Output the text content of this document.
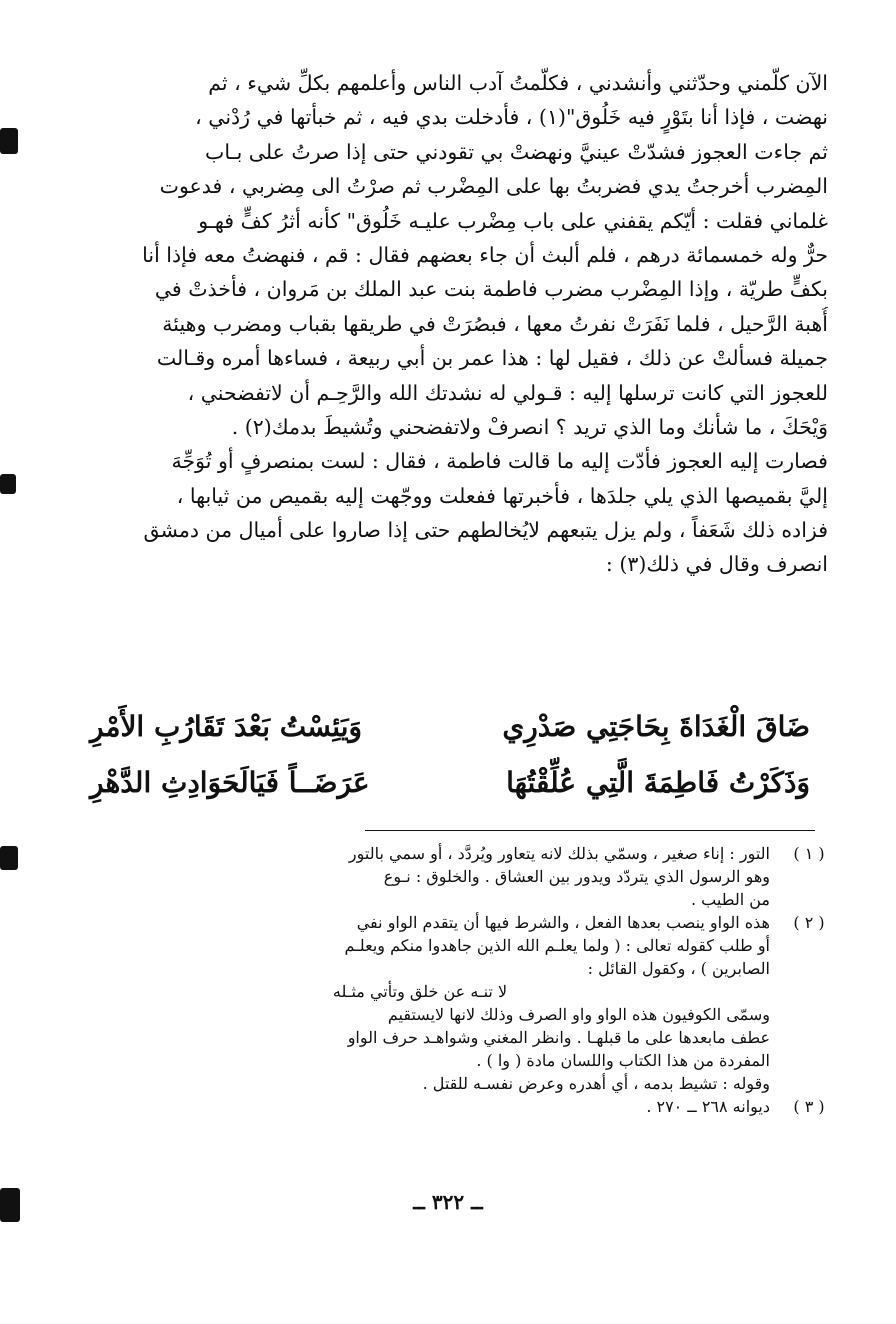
الآن كلّمني وحدّثني وأنشدني ، فكلّمتُ آدب الناس وأعلمهم بكلِّ شيء ، ثم
نهضت ، فإذا أنا بتَوْرٍ فيه خَلُوق"(١) ، فأدخلت بدي فيه ، ثم خبأتها في رُدْني ،
ثم جاءت العجوز فشدّتْ عينيَّ ونهضتْ بي تقودني حتى إذا صرتُ على بـاب
المِضرب أخرجتُ يدي فضربتُ بها على المِضْرب ثم صرْتُ الى مِضربي ، فدعوت
غلماني فقلت : أيّكم يقفني على باب مِضْرب عليـه خَلُوق" كأنه أثرُ كفٍّ فهـو
حرٌّ وله خمسمائة درهم ، فلم ألبث أن جاء بعضهم فقال : قم ، فنهضتُ معه فإذا أنا
بكفٍّ طريّة ، وإذا المِضْرب مضرب فاطمة بنت عبد الملك بن مَروان ، فأخذتْ في
أُهبة الرَّحيل ، فلما نَفَرَتْ نفرتُ معها ، فبصُرَتْ في طريقها بقباب ومضرب وهيئة
جميلة فسألتْ عن ذلك ، فقيل لها : هذا عمر بن أبي ربيعة ، فساءها أمره وقـالت
للعجوز التي كانت ترسلها إليه : قـولي له نشدتك الله والرَّحِـم أن لاتفضحني ،
وَيْحَكَ ، ما شأنك وما الذي تريد ؟ انصرفْ ولاتفضحني وتُشيطَ بدمك(٢) .
فصارت إليه العجوز فأدّت إليه ما قالت فاطمة ، فقال : لست بمنصرفٍ أو تُوَجِّهَ
إليَّ بقميصها الذي يلي جلدَها ، فأخبرتها ففعلت ووجّهت إليه بقميص من ثيابها ،
فزاده ذلك شَعَفاً ، ولم يزل يتبعهم لايُخالطهم حتى إذا صاروا على أميال من دمشق
انصرف وقال في ذلك(٣) :
ضَاقَ الْغَدَاةَ بِحَاجَتِي صَدْرِي
وَيَئِسْتُ بَعْدَ تَقَارُبِ الأَمْرِ
وَذَكَرْتُ فَاطِمَةَ الَّتِي عُلِّقْتُهَا
عَرَضَــاً فَيَالَحَوَادِثِ الدَّهْرِ
( ١ )
التور : إناء صغير ، وسمّي بذلك لانه يتعاور ويُردَّد ، أو سمي بالتور
وهو الرسول الذي يتردّد ويدور بين العشاق . والخلوق : نـوع
من الطيب .
( ٢ )
هذه الواو ينصب بعدها الفعل ، والشرط فيها أن يتقدم الواو نفي
أو طلب كقوله تعالى : ( ولما يعلـم الله الذين جاهدوا منكم ويعلـم
الصابرين ) ، وكقول القائل :
لا تنـه عن خلق وتأتي مثـله
وسمّى الكوفيون هذه الواو واو الصرف وذلك لانها لايستقيم
عطف مابعدها على ما قبلهـا . وانظر المغني وشواهـد حرف الواو
المفردة من هذا الكتاب واللسان مادة ( وا ) .
وقوله : تشيط بدمه ، أي أهدره وعرض نفسـه للقتل .
( ٣ )
ديوانه ٢٦٨ ــ ٢٧٠ .
ــ ٣٢٢ ــ
